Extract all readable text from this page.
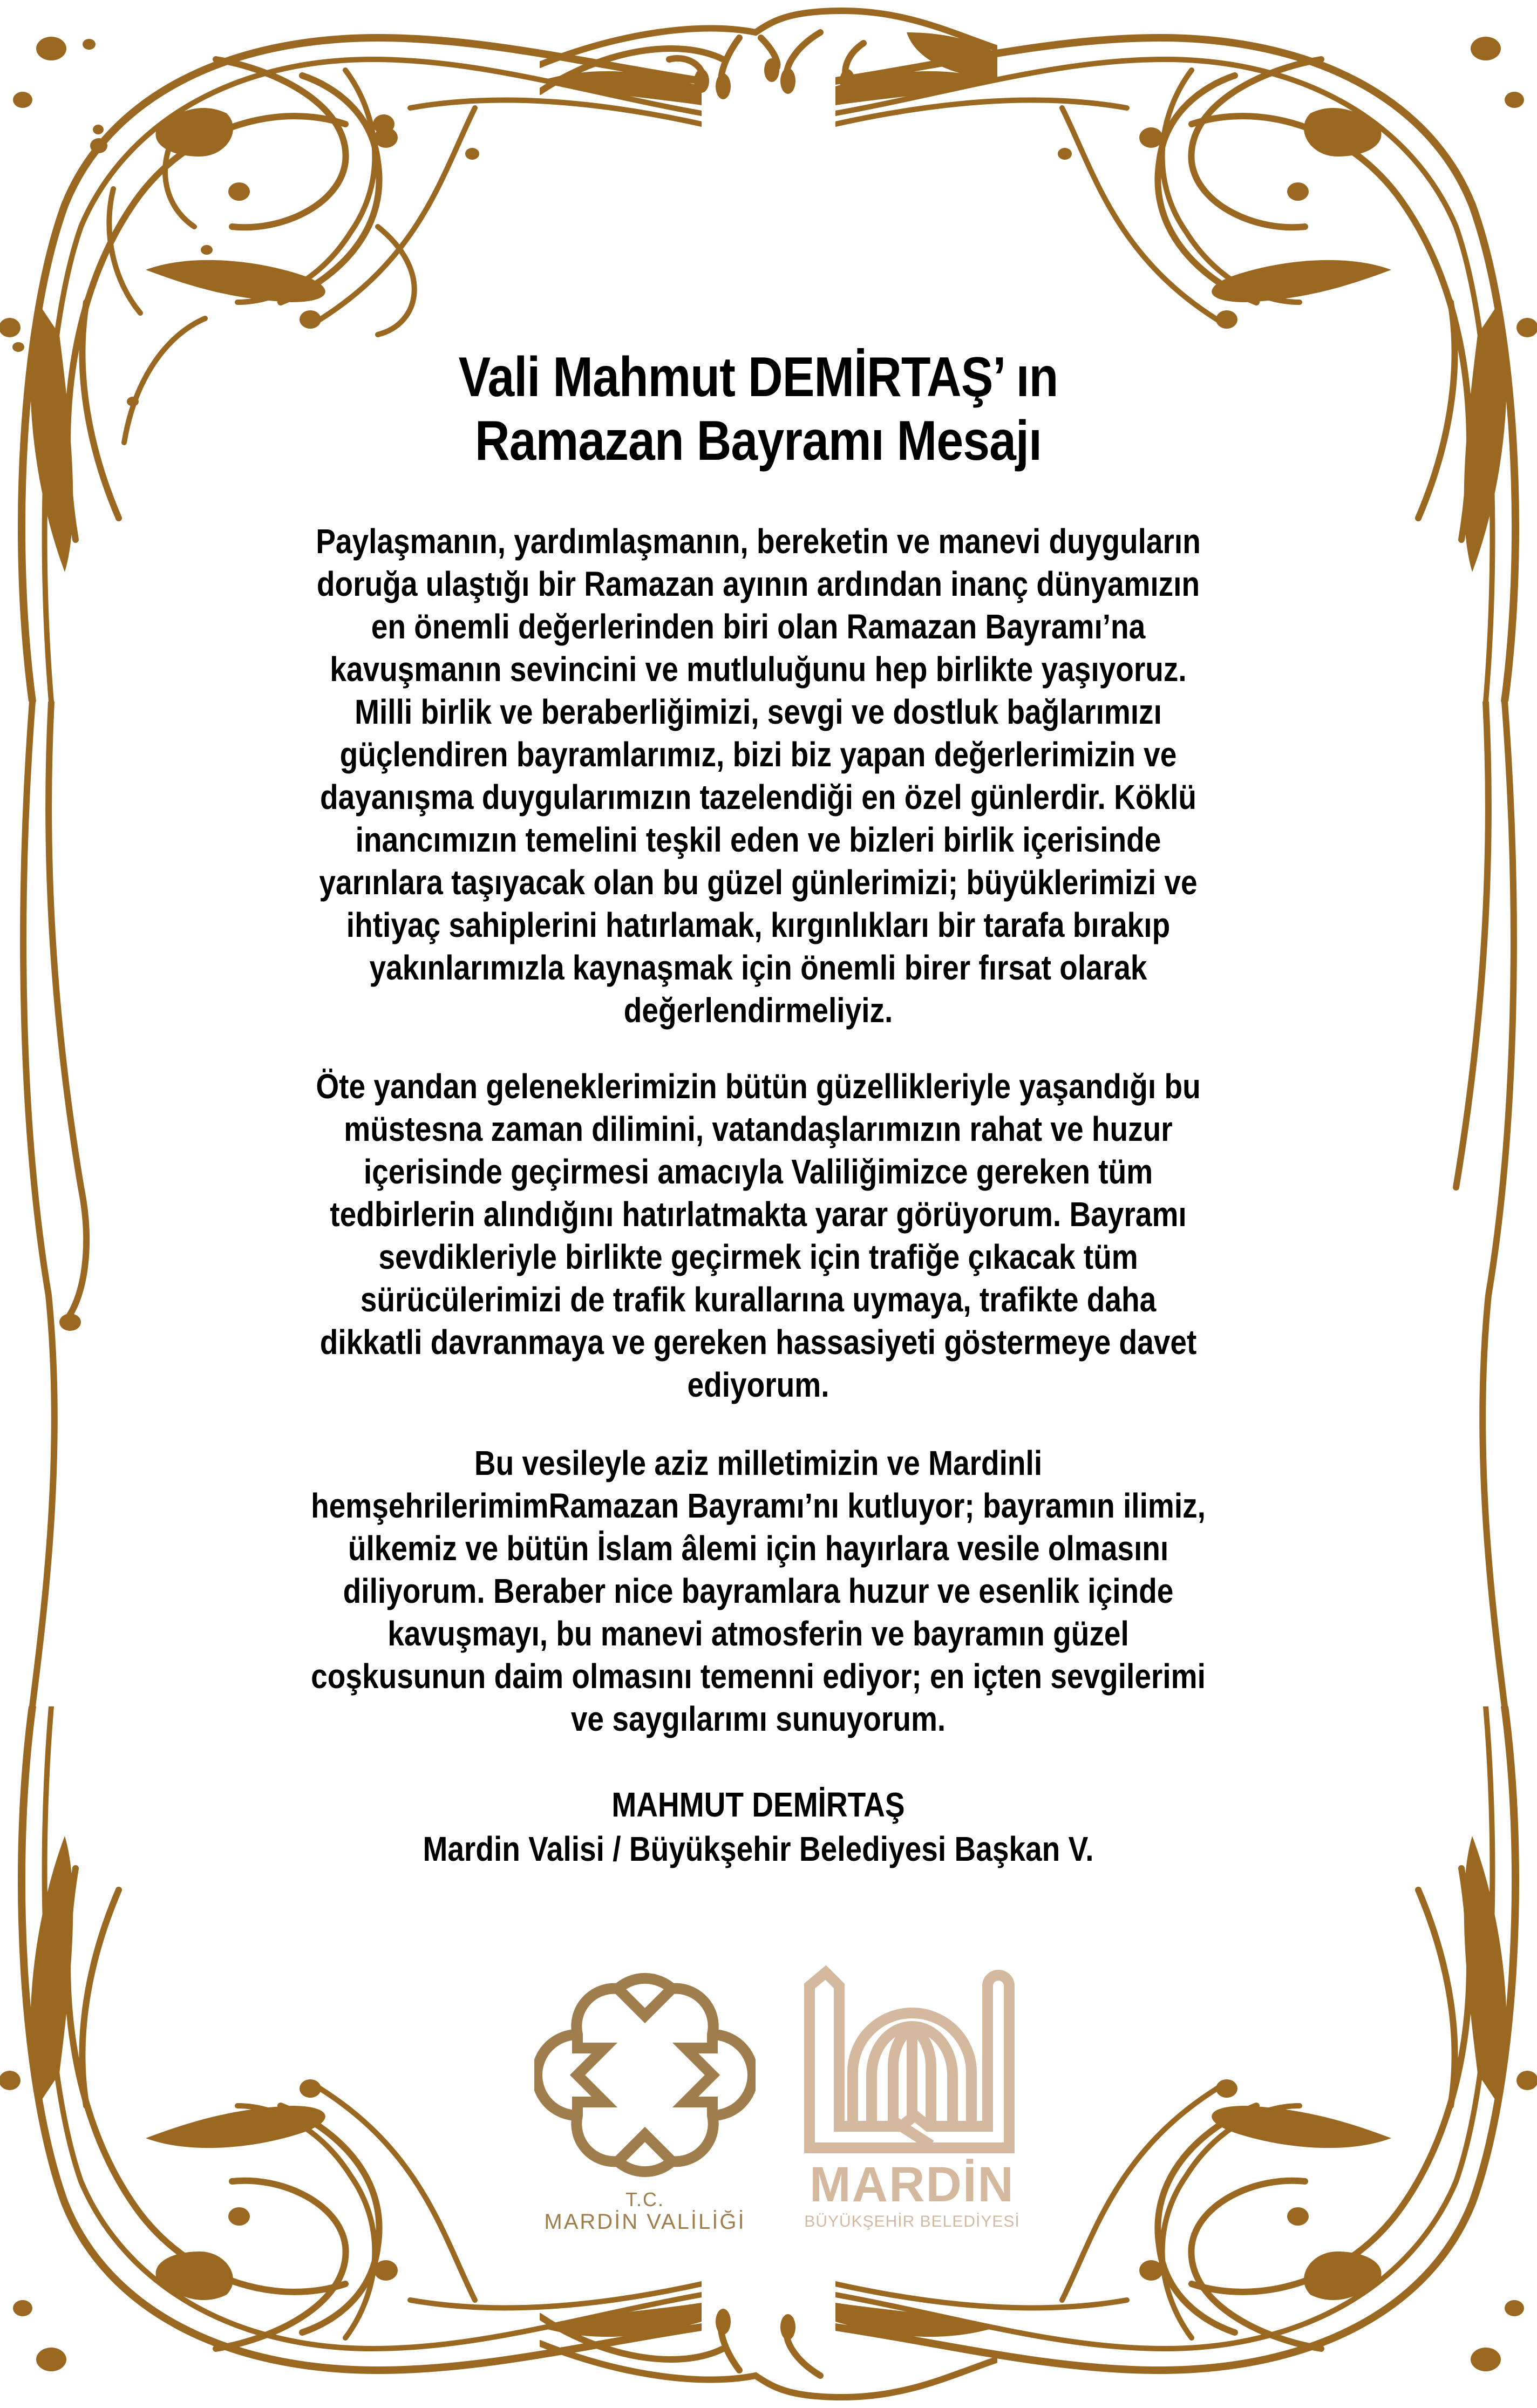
Vali Mahmut DEMİRTAŞ’ ın
Ramazan Bayramı Mesajı
Paylaşmanın, yardımlaşmanın, bereketin ve manevi duyguların
doruğa ulaştığı bir Ramazan ayının ardından inanç dünyamızın
en önemli değerlerinden biri olan Ramazan Bayramı’na
kavuşmanın sevincini ve mutluluğunu hep birlikte yaşıyoruz.
Milli birlik ve beraberliğimizi, sevgi ve dostluk bağlarımızı
güçlendiren bayramlarımız, bizi biz yapan değerlerimizin ve
dayanışma duygularımızın tazelendiği en özel günlerdir. Köklü
inancımızın temelini teşkil eden ve bizleri birlik içerisinde
yarınlara taşıyacak olan bu güzel günlerimizi; büyüklerimizi ve
ihtiyaç sahiplerini hatırlamak, kırgınlıkları bir tarafa bırakıp
yakınlarımızla kaynaşmak için önemli birer fırsat olarak
değerlendirmeliyiz.
Öte yandan geleneklerimizin bütün güzellikleriyle yaşandığı bu
müstesna zaman dilimini, vatandaşlarımızın rahat ve huzur
içerisinde geçirmesi amacıyla Valiliğimizce gereken tüm
tedbirlerin alındığını hatırlatmakta yarar görüyorum. Bayramı
sevdikleriyle birlikte geçirmek için trafiğe çıkacak tüm
sürücülerimizi de trafik kurallarına uymaya, trafikte daha
dikkatli davranmaya ve gereken hassasiyeti göstermeye davet
ediyorum.
Bu vesileyle aziz milletimizin ve Mardinli
hemşehrilerimimRamazan Bayramı’nı kutluyor; bayramın ilimiz,
ülkemiz ve bütün İslam âlemi için hayırlara vesile olmasını
diliyorum. Beraber nice bayramlara huzur ve esenlik içinde
kavuşmayı, bu manevi atmosferin ve bayramın güzel
coşkusunun daim olmasını temenni ediyor; en içten sevgilerimi
ve saygılarımı sunuyorum.
MAHMUT DEMİRTAŞ
Mardin Valisi / Büyükşehir Belediyesi Başkan V.
T.C.
MARDİN VALİLİĞİ
MARDİN
BÜYÜKŞEHİR BELEDİYESİ
